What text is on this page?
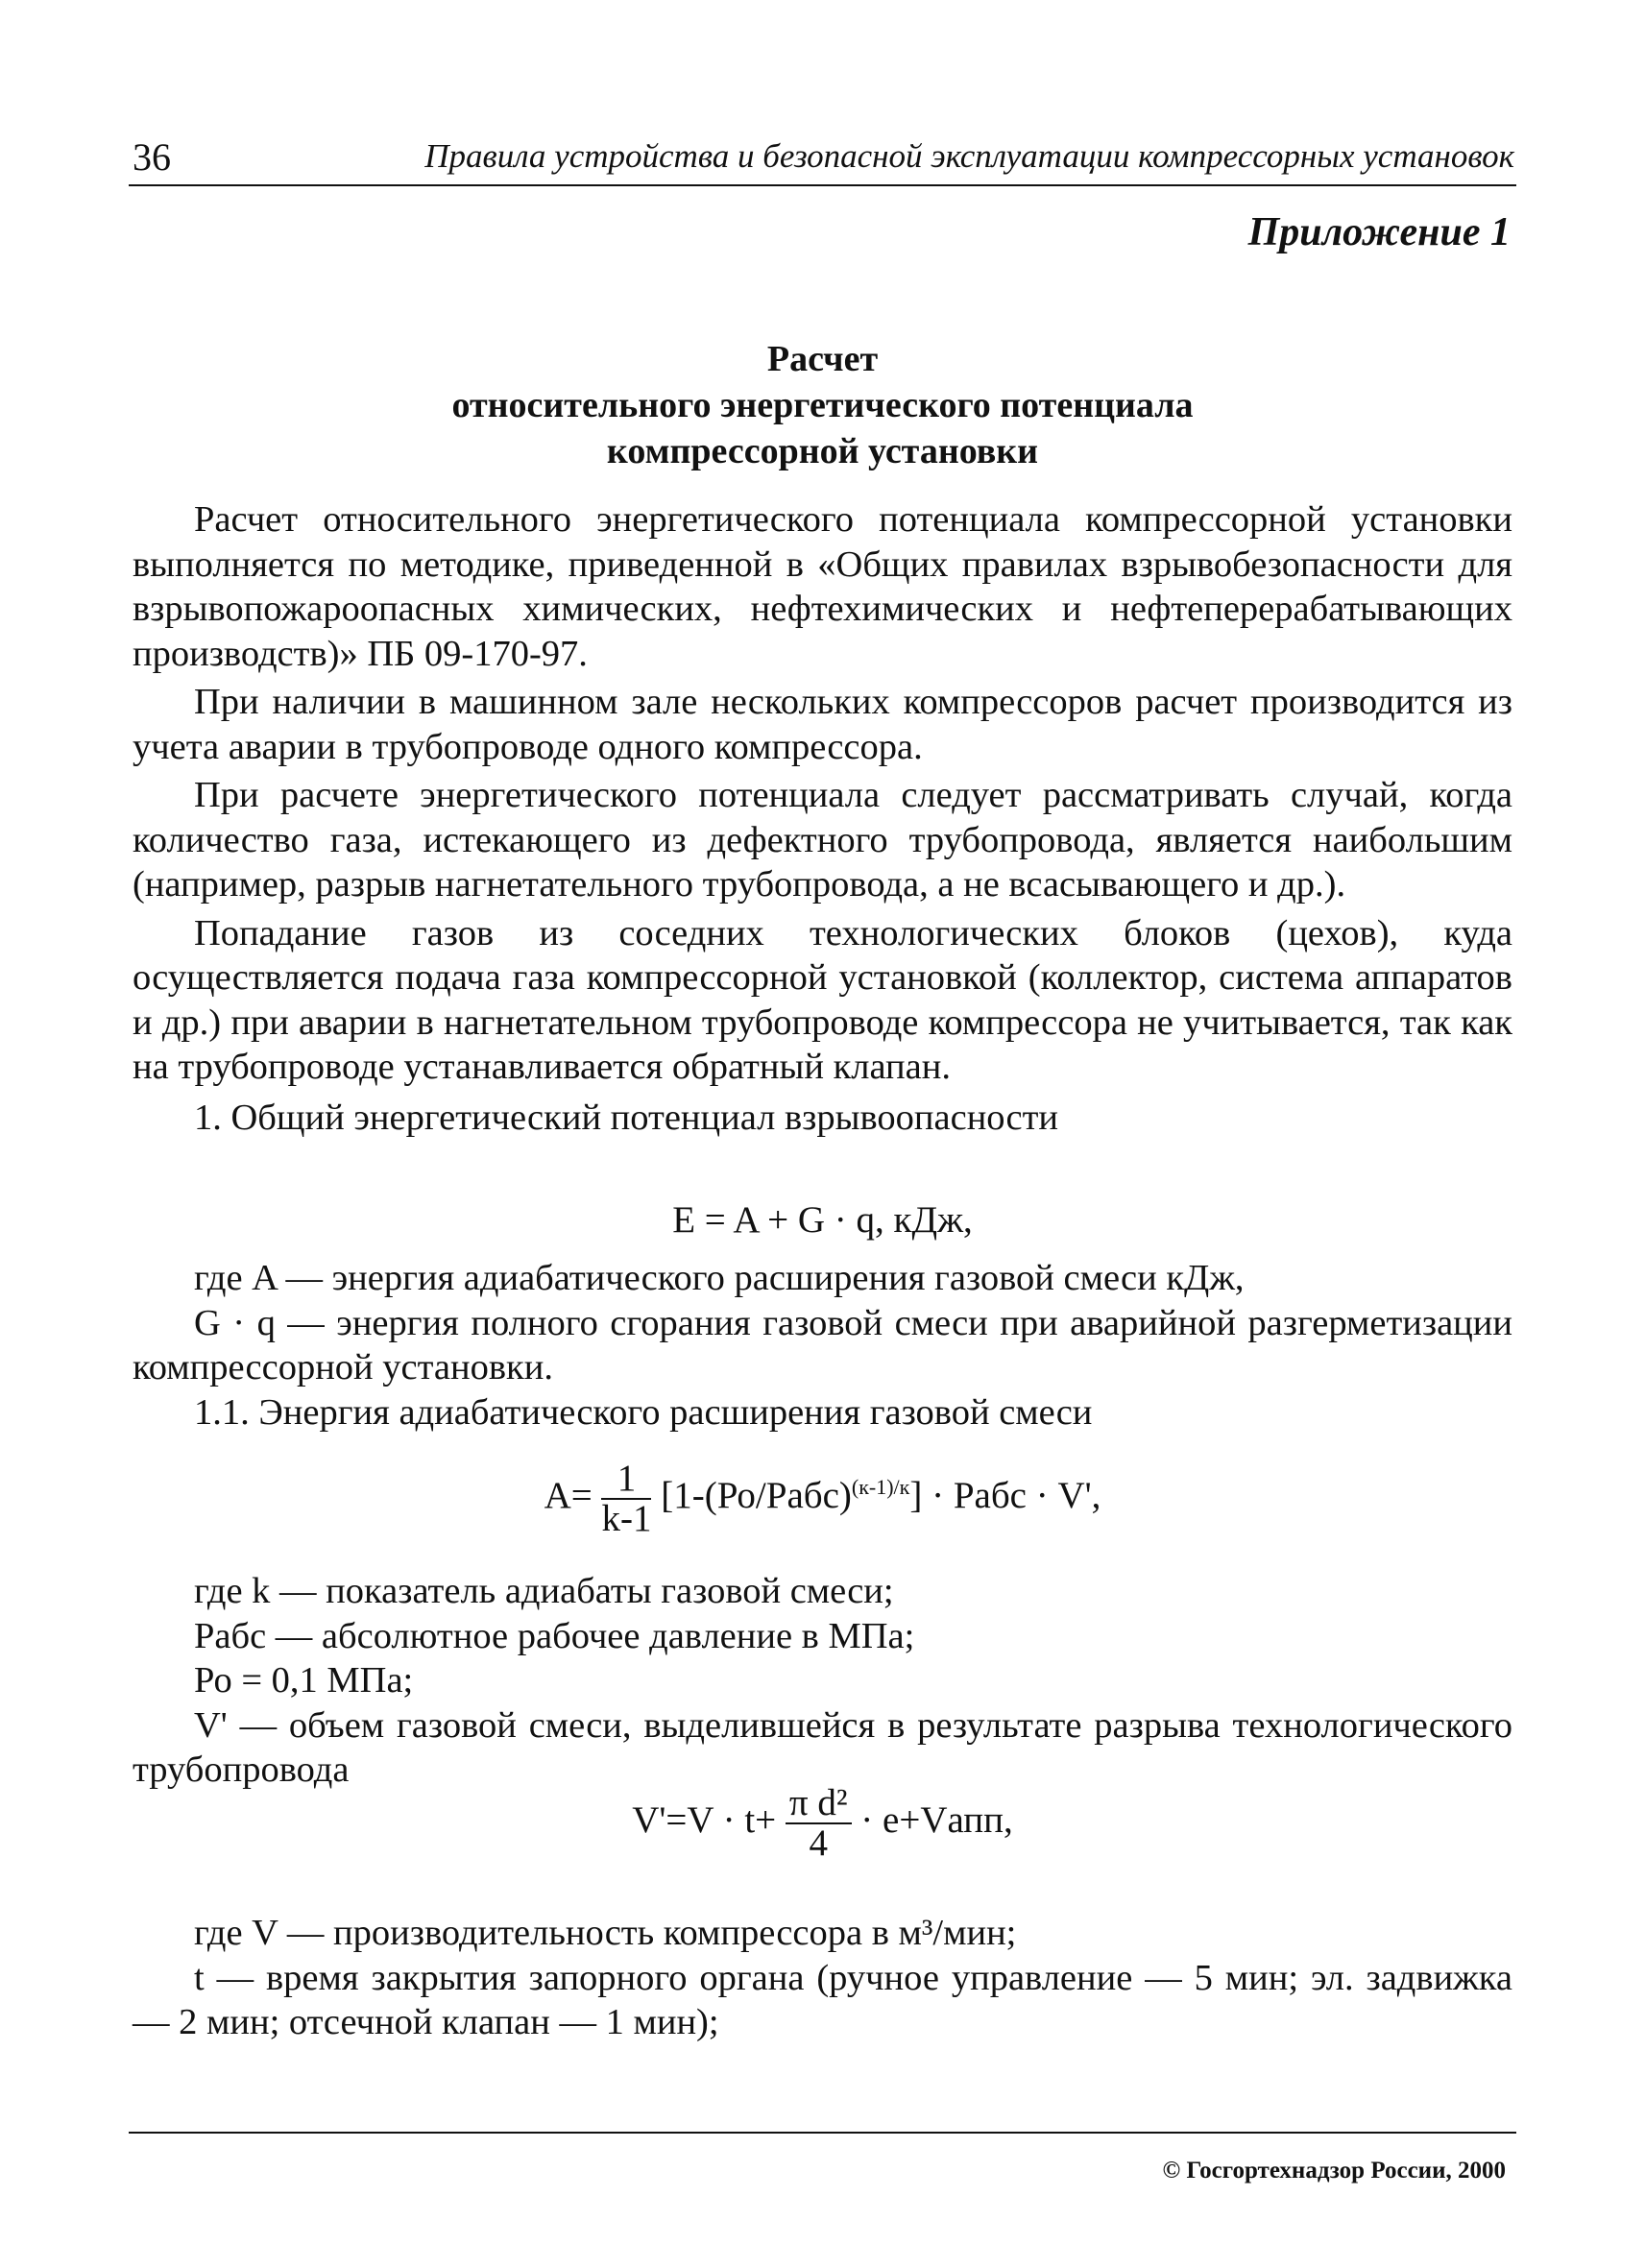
36	Правила устройства и безопасной эксплуатации компрессорных установок
Приложение 1
Расчет
относительного энергетического потенциала
компрессорной установки

Расчет относительного энергетического потенциала компрессорной установки выполняется по методике, приведенной в «Общих правилах взрывобезопасности для взрывопожароопасных химических, нефтехимических и нефтеперерабатывающих производств)» ПБ 09-170-97.

При наличии в машинном зале нескольких компрессоров расчет производится из учета аварии в трубопроводе одного компрессора.

При расчете энергетического потенциала следует рассматривать случай, когда количество газа, истекающего из дефектного трубопровода, является наибольшим (например, разрыв нагнетательного трубопровода, а не всасывающего и др.).

Попадание газов из соседних технологических блоков (цехов), куда осуществляется подача газа компрессорной установкой (коллектор, система аппаратов и др.) при аварии в нагнетательном трубопроводе компрессора не учитывается, так как на трубопроводе устанавливается обратный клапан.

1. Общий энергетический потенциал взрывоопасности

E = A + G · q, кДж,

где A — энергия адиабатического расширения газовой смеси кДж,

G · q — энергия полного сгорания газовой смеси при аварийной разгерметизации компрессорной установки.

1.1. Энергия адиабатического расширения газовой смеси

$A= \frac{1}{k-1}$ [1-(Ро/Рабс)$^{(к-1)/к}$] · Рабс · V',

где k — показатель адиабаты газовой смеси;

Рабс — абсолютное рабочее давление в МПа;

Ро = 0,1 МПа;

V' — объем газовой смеси, выделившейся в результате разрыва технологического трубопровода

$V'=V \cdot t+ \frac{\text{π d²}}{4}$ · e+Vапп,

где V — производительность компрессора в м³/мин;

t — время закрытия запорного органа (ручное управление — 5 мин; эл. задвижка — 2 мин; отсечной клапан — 1 мин);

© Госгортехнадзор России, 2000
